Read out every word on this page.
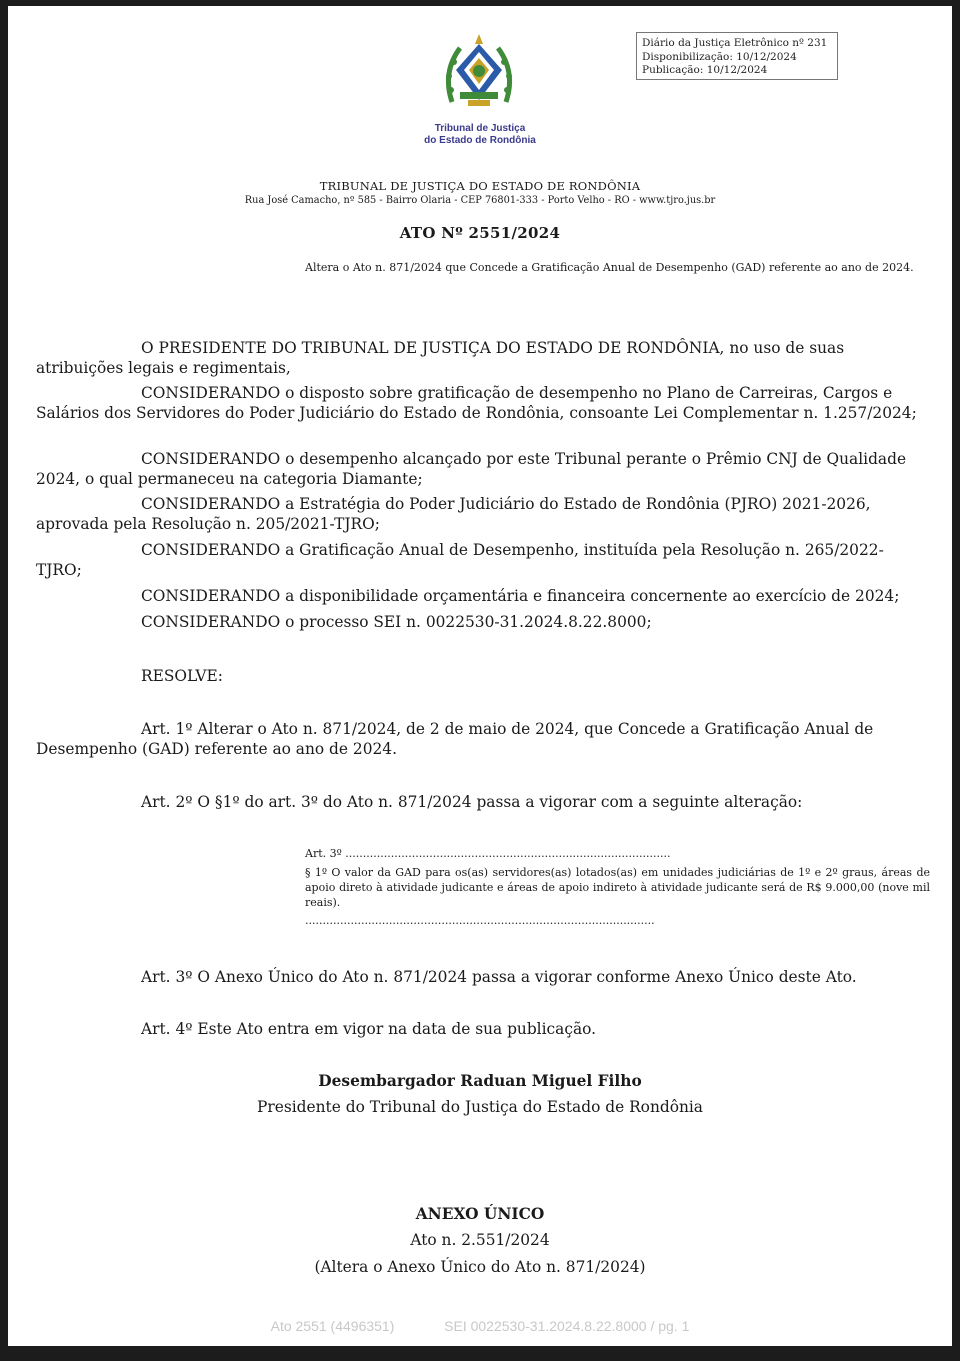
Diário da Justiça Eletrônico nº 231
Disponibilização: 10/12/2024
Publicação: 10/12/2024
Tribunal de Justiça
do Estado de Rondônia
TRIBUNAL DE JUSTIÇA DO ESTADO DE RONDÔNIA
Rua José Camacho, nº 585 - Bairro Olaria - CEP 76801-333 - Porto Velho - RO - www.tjro.jus.br
ATO Nº 2551/2024
Altera o Ato n. 871/2024 que Concede a Gratificação Anual de Desempenho (GAD) referente ao ano de 2024.
O PRESIDENTE DO TRIBUNAL DE JUSTIÇA DO ESTADO DE RONDÔNIA, no uso de suas
atribuições legais e regimentais,
CONSIDERANDO o disposto sobre gratificação de desempenho no Plano de Carreiras, Cargos e
Salários dos Servidores do Poder Judiciário do Estado de Rondônia, consoante Lei Complementar n. 1.257/2024;
CONSIDERANDO o desempenho alcançado por este Tribunal perante o Prêmio CNJ de Qualidade
2024, o qual permaneceu na categoria Diamante;
CONSIDERANDO a Estratégia do Poder Judiciário do Estado de Rondônia (PJRO) 2021-2026,
aprovada pela Resolução n. 205/2021-TJRO;
CONSIDERANDO a Gratificação Anual de Desempenho, instituída pela Resolução n. 265/2022-
TJRO;
CONSIDERANDO a disponibilidade orçamentária e financeira concernente ao exercício de 2024;
CONSIDERANDO o processo SEI n. 0022530-31.2024.8.22.8000;
RESOLVE:
Art. 1º Alterar o Ato n. 871/2024, de 2 de maio de 2024, que Concede a Gratificação Anual de
Desempenho (GAD) referente ao ano de 2024.
Art. 2º O §1º do art. 3º do Ato n. 871/2024 passa a vigorar com a seguinte alteração:
Art. 3º .............................................................................................
§ 1º O valor da GAD para os(as) servidores(as) lotados(as) em unidades judiciárias de 1º e 2º graus, áreas de apoio direto à atividade judicante e áreas de apoio indireto à atividade judicante será de R$ 9.000,00 (nove mil reais).
....................................................................................................
Art. 3º O Anexo Único do Ato n. 871/2024 passa a vigorar conforme Anexo Único deste Ato.
Art. 4º Este Ato entra em vigor na data de sua publicação.
Desembargador Raduan Miguel Filho
Presidente do Tribunal do Justiça do Estado de Rondônia
ANEXO ÚNICO
Ato n. 2.551/2024
(Altera o Anexo Único do Ato n. 871/2024)
Ato 2551 (4496351)	SEI 0022530-31.2024.8.22.8000 / pg. 1
